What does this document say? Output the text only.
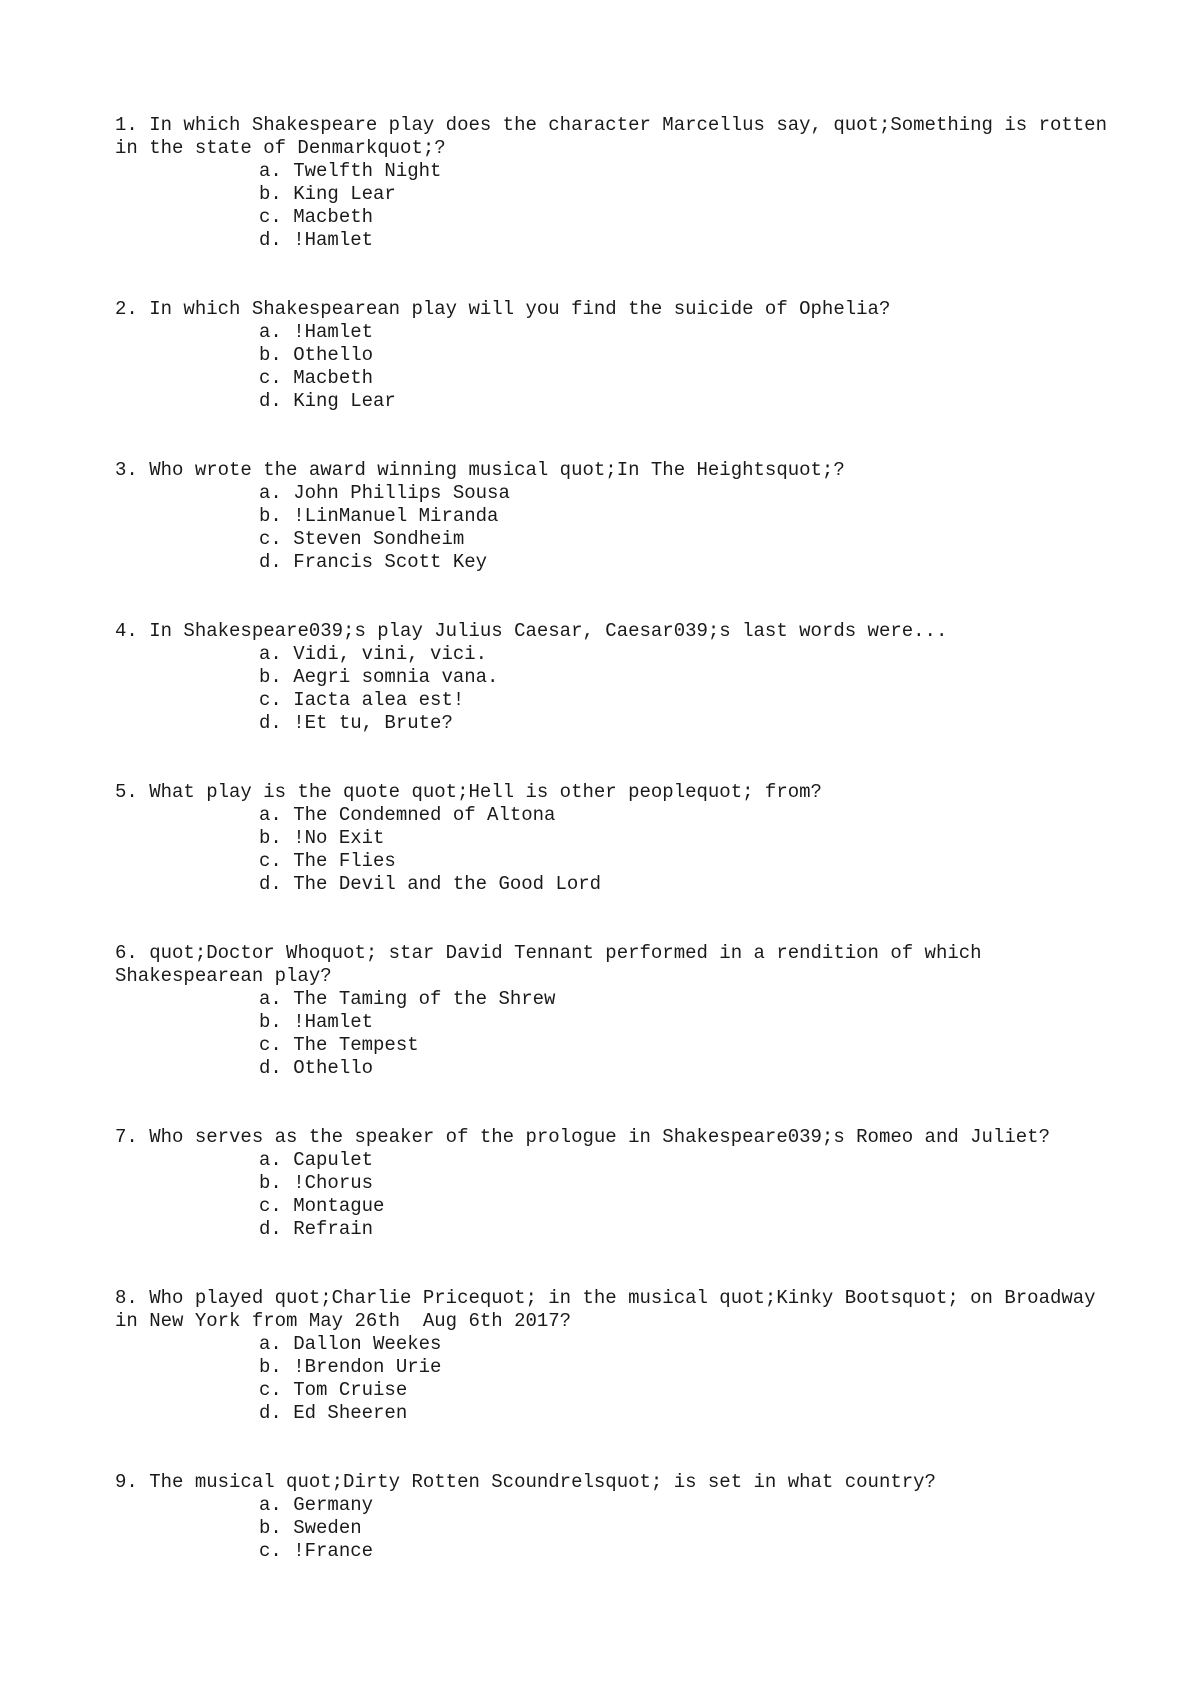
1. In which Shakespeare play does the character Marcellus say, quot;Something is rotten in the state of Denmarkquot;?

a . Twelfth Night
b . King Lear
c . Macbeth
d . !Hamlet

2. In which Shakespearean play will you find the suicide of Ophelia?

a . !Hamlet
b . Othello
c . Macbeth
d . King Lear

3. Who wrote the award winning musical quot;In The Heightsquot;?

a . John Phillips Sousa
b . !LinManuel Miranda
c . Steven Sondheim
d . Francis Scott Key

4. In Shakespeare039;s play Julius Caesar, Caesar039;s last words were...

a . Vidi, vini, vici.
b . Aegri somnia vana.
c . Iacta alea est!
d . !Et tu, Brute?

5. What play is the quote quot;Hell is other peoplequot; from?

a . The Condemned of Altona
b . !No Exit
c . The Flies
d . The Devil and the Good Lord

6. quot;Doctor Whoquot; star David Tennant performed in a rendition of which Shakespearean play?

a . The Taming of the Shrew
b . !Hamlet
c . The Tempest
d . Othello

7. Who serves as the speaker of the prologue in Shakespeare039;s Romeo and Juliet?

a . Capulet
b . !Chorus
c . Montague
d . Refrain

8. Who played quot;Charlie Pricequot; in the musical quot;Kinky Bootsquot; on Broadway in New York from May 26th  Aug 6th 2017?

a . Dallon Weekes
b . !Brendon Urie
c . Tom Cruise
d . Ed Sheeren

9. The musical quot;Dirty Rotten Scoundrelsquot; is set in what country?

a . Germany
b . Sweden
c . !France
